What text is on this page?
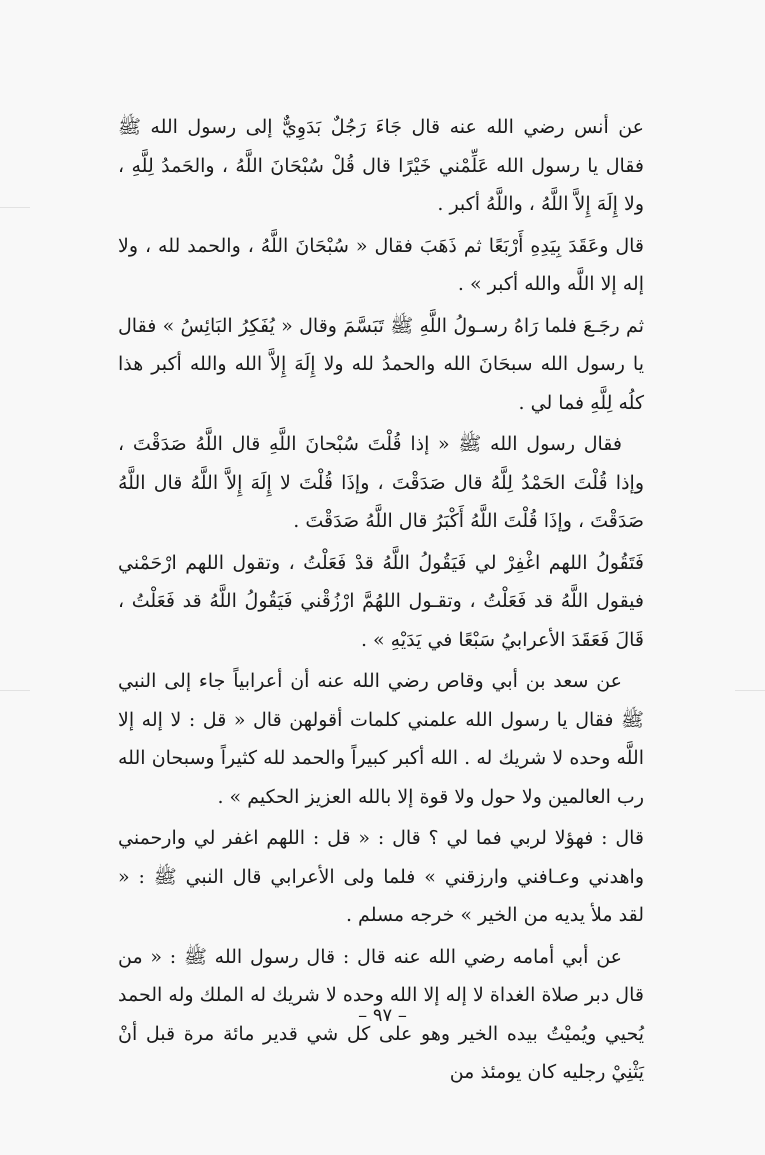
عن أنس رضي الله عنه قال جَاءَ رَجُلٌ بَدَوِيٌّ إلى رسول الله ﷺ فقال يا رسول الله عَلِّمْني خَيْرًا قال قُلْ سُبْحَانَ اللَّهُ ، والحَمدُ لِلَّهِ ، ولا إِلَهَ إِلاَّ اللَّهُ ، واللَّهُ أكبر .

قال وعَقَدَ بِيَدِهِ أَرْبَعًا ثم ذَهَبَ فقال « سُبْحَانَ اللَّهُ ، والحمد لله ، ولا إله إلا اللَّه والله أكبر » .

ثم رجَـعَ فلما رَاهُ رسـولُ اللَّهِ ﷺ تَبَسَّمَ وقال « يُفَكِرُ البَائِسُ » فقال يا رسول الله سبحَانَ الله والحمدُ لله ولا إِلَهَ إِلاَّ الله والله أكبر هذا كلُه لِلَّهِ فما لي .

فقال رسول الله ﷺ « إذا قُلْتَ سُبْحانَ اللَّهِ قال اللَّهُ صَدَقْتَ ، وإذا قُلْتَ الحَمْدُ لِلَّهُ قال صَدَقْتَ ، وإذَا قُلْتَ لا إِلَهَ إِلاَّ اللَّهُ قال اللَّهُ صَدَقْتَ ، وإذَا قُلْتَ اللَّهُ أَكْبَرُ قال اللَّهُ صَدَقْتَ .

فَتَقُولُ اللهم اغْفِرْ لي فَيَقُولُ اللَّهُ قدْ فَعَلْتُ ، وتقول اللهم ارْحَمْني فيقول اللَّهُ قد فَعَلْتُ ، وتقـول اللهُمَّ ارْزُقْني فَيَقُولُ اللَّهُ قد فَعَلْتُ ، قَالَ فَعَقَدَ الأعرابيُ سَبْعًا في يَدَيْهِ » .

عن سعد بن أبي وقاص رضي الله عنه أن أعرابياً جاء إلى النبي ﷺ فقال يا رسول الله علمني كلمات أقولهن قال « قل : لا إله إلا اللَّه وحده لا شريك له . الله أكبر كبيراً والحمد لله كثيراً وسبحان الله رب العالمين ولا حول ولا قوة إلا بالله العزيز الحكيم » .

قال : فهؤلا لربي فما لي ؟ قال : « قل : اللهم اغفر لي وارحمني واهدني وعـافني وارزقني » فلما ولى الأعرابي قال النبي ﷺ : « لقد ملأ يديه من الخير » خرجه مسلم .

عن أبي أمامه رضي الله عنه قال : قال رسول الله ﷺ : « من قال دبر صلاة الغداة لا إله إلا الله وحده لا شريك له الملك وله الحمد يُحيي ويُميْتُ بيده الخير وهو على كل شي قدير مائة مرة قبل أنْ يَثْنِيْ رجليه كان يومئذ من

– ٩٧ –
